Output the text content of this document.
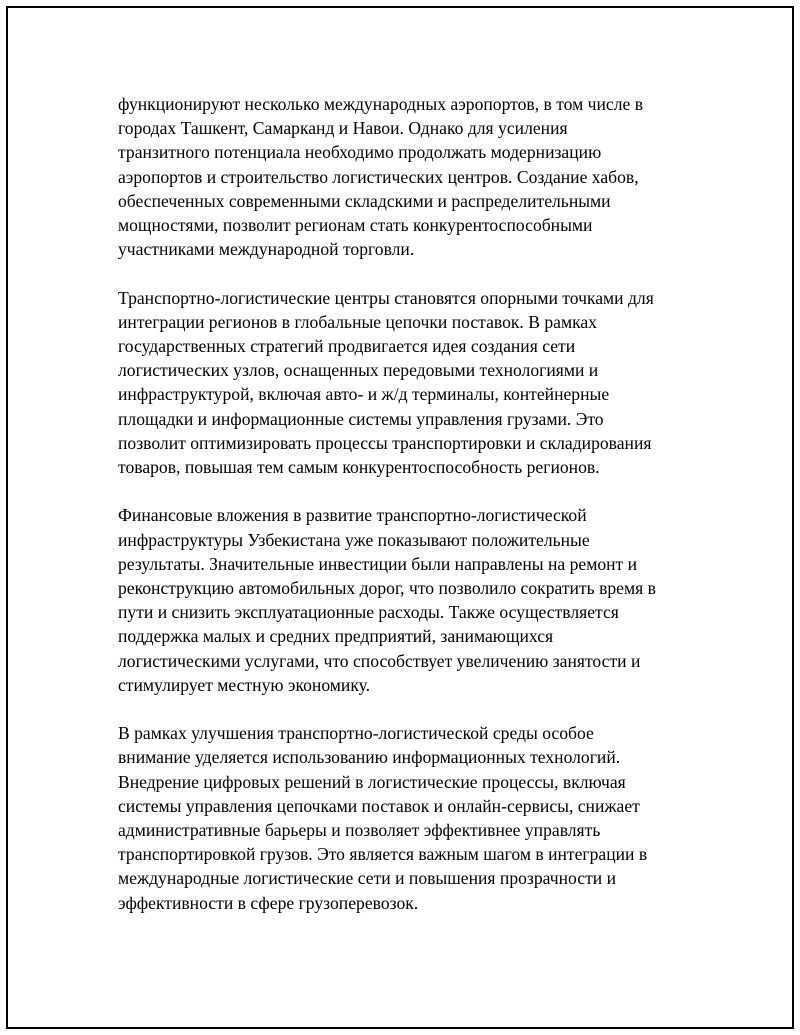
функционируют несколько международных аэропортов, в том числе в
городах Ташкент, Самарканд и Навои. Однако для усиления
транзитного потенциала необходимо продолжать модернизацию
аэропортов и строительство логистических центров. Создание хабов,
обеспеченных современными складскими и распределительными
мощностями, позволит регионам стать конкурентоспособными
участниками международной торговли.

Транспортно-логистические центры становятся опорными точками для
интеграции регионов в глобальные цепочки поставок. В рамках
государственных стратегий продвигается идея создания сети
логистических узлов, оснащенных передовыми технологиями и
инфраструктурой, включая авто- и ж/д терминалы, контейнерные
площадки и информационные системы управления грузами. Это
позволит оптимизировать процессы транспортировки и складирования
товаров, повышая тем самым конкурентоспособность регионов.

Финансовые вложения в развитие транспортно-логистической
инфраструктуры Узбекистана уже показывают положительные
результаты. Значительные инвестиции были направлены на ремонт и
реконструкцию автомобильных дорог, что позволило сократить время в
пути и снизить эксплуатационные расходы. Также осуществляется
поддержка малых и средних предприятий, занимающихся
логистическими услугами, что способствует увеличению занятости и
стимулирует местную экономику.

В рамках улучшения транспортно-логистической среды особое
внимание уделяется использованию информационных технологий.
Внедрение цифровых решений в логистические процессы, включая
системы управления цепочками поставок и онлайн-сервисы, снижает
административные барьеры и позволяет эффективнее управлять
транспортировкой грузов. Это является важным шагом в интеграции в
международные логистические сети и повышения прозрачности и
эффективности в сфере грузоперевозок.
